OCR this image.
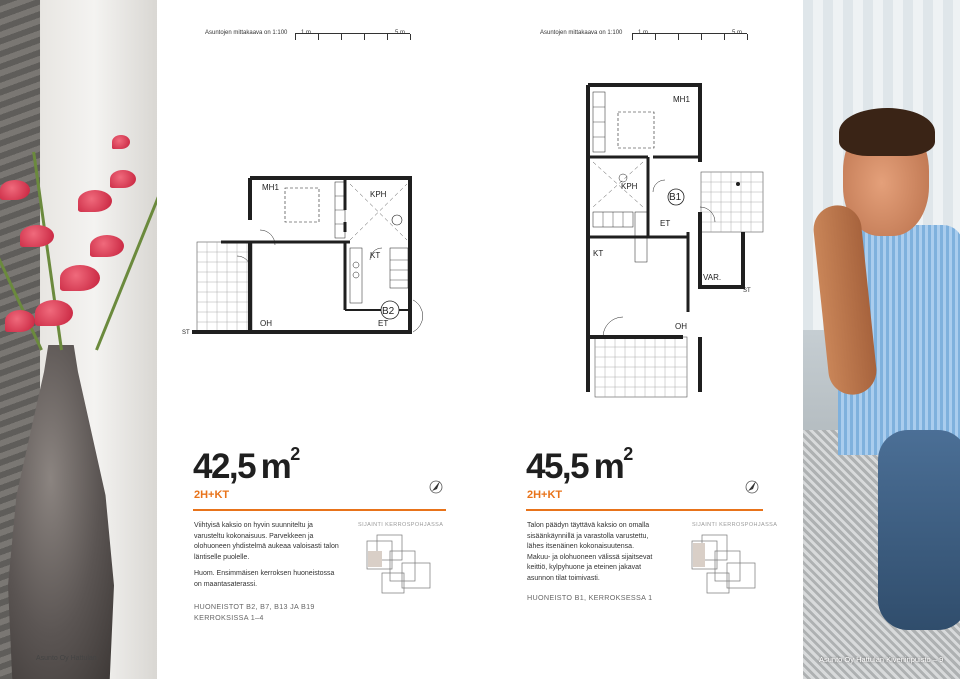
Asuntojen mittakaava on 1:100 1 m	5 m	Asuntojen mittakaava on 1:100	1 m	5 m
MH1
KPH
KT
B2
OH	ET
ST
MH1
KPH
B1
ET
KT
VAR.
ST
OH
42,5  $m^2$
2H+KT

Viihtyisä kaksio on hyvin suunniteltu ja varusteltu kokonaisuus. Parvekkeen ja olohuoneen yhdistelmä aukeaa valoisasti talon läntiselle puolelle.

Huom. Ensimmäisen kerroksen huoneistossa on maantasaterassi.

HUONEISTOT B2, B7, B13 JA B19 KERROKSISSA 1–4
SIJAINTI KERROSPOHJASSA
45,5  $m^2$
2H+KT

Talon päädyn täyttävä kaksio on omalla sisäänkäynnillä ja varastolla varustettu, lähes itsenäinen kokonaisuutensa. Makuu- ja olohuoneen välissä sijaitsevat keittiö, kylpyhuone ja eteinen jakavat asunnon tilat toimivasti.

HUONEISTO B1, KERROKSESSA 1
SIJAINTI KERROSPOHJASSA
Asunto Oy Hattulan	Asunto Oy Hattulan Kiveninpuisto – 9
